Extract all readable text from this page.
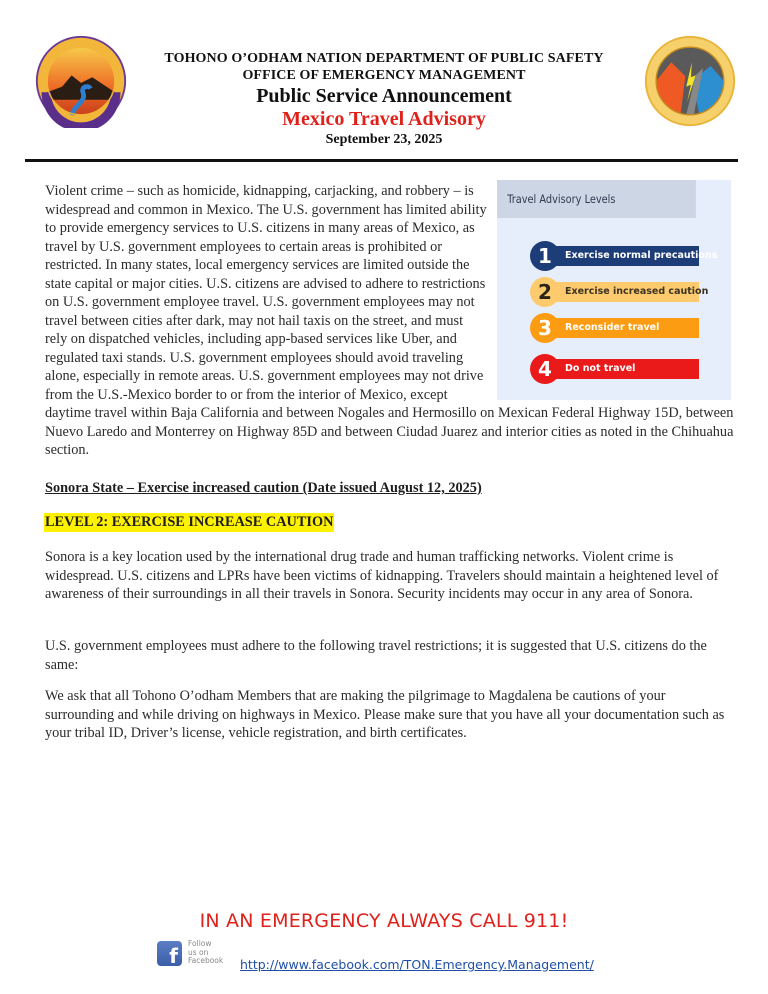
TOHONO O’ODHAM NATION DEPARTMENT OF PUBLIC SAFETY
OFFICE OF EMERGENCY MANAGEMENT
Public Service Announcement
Mexico Travel Advisory
September 23, 2025
Violent crime – such as homicide, kidnapping, carjacking, and robbery – is widespread and common in Mexico. The U.S. government has limited ability to provide emergency services to U.S. citizens in many areas of Mexico, as travel by U.S. government employees to certain areas is prohibited or restricted. In many states, local emergency services are limited outside the state capital or major cities. U.S. citizens are advised to adhere to restrictions on U.S. government employee travel. U.S. government employees may not travel between cities after dark, may not hail taxis on the street, and must rely on dispatched vehicles, including app-based services like Uber, and regulated taxi stands. U.S. government employees should avoid traveling alone, especially in remote areas. U.S. government employees may not drive from the U.S.-Mexico border to or from the interior of Mexico, except daytime travel within Baja California and between Nogales and Hermosillo on Mexican Federal Highway 15D, between Nuevo Laredo and Monterrey on Highway 85D and between Ciudad Juarez and interior cities as noted in the Chihuahua section.
Travel Advisory Levels
Exercise normal precautions
1
Exercise increased caution
2
Reconsider travel
3
Do not travel
4
Sonora State – Exercise increased caution (Date issued August 12, 2025)
LEVEL 2: EXERCISE INCREASE CAUTION
Sonora is a key location used by the international drug trade and human trafficking networks. Violent crime is widespread. U.S. citizens and LPRs have been victims of kidnapping. Travelers should maintain a heightened level of awareness of their surroundings in all their travels in Sonora. Security incidents may occur in any area of Sonora.
U.S. government employees must adhere to the following travel restrictions; it is suggested that U.S. citizens do the same:
We ask that all Tohono O’odham Members that are making the pilgrimage to Magdalena be cautions of your surrounding and while driving on highways in Mexico. Please make sure that you have all your documentation such as your tribal ID, Driver’s license, vehicle registration, and birth certificates.
IN AN EMERGENCY ALWAYS CALL 911!
f
Follow
us on
Facebook	http://www.facebook.com/TON.Emergency.Management/
